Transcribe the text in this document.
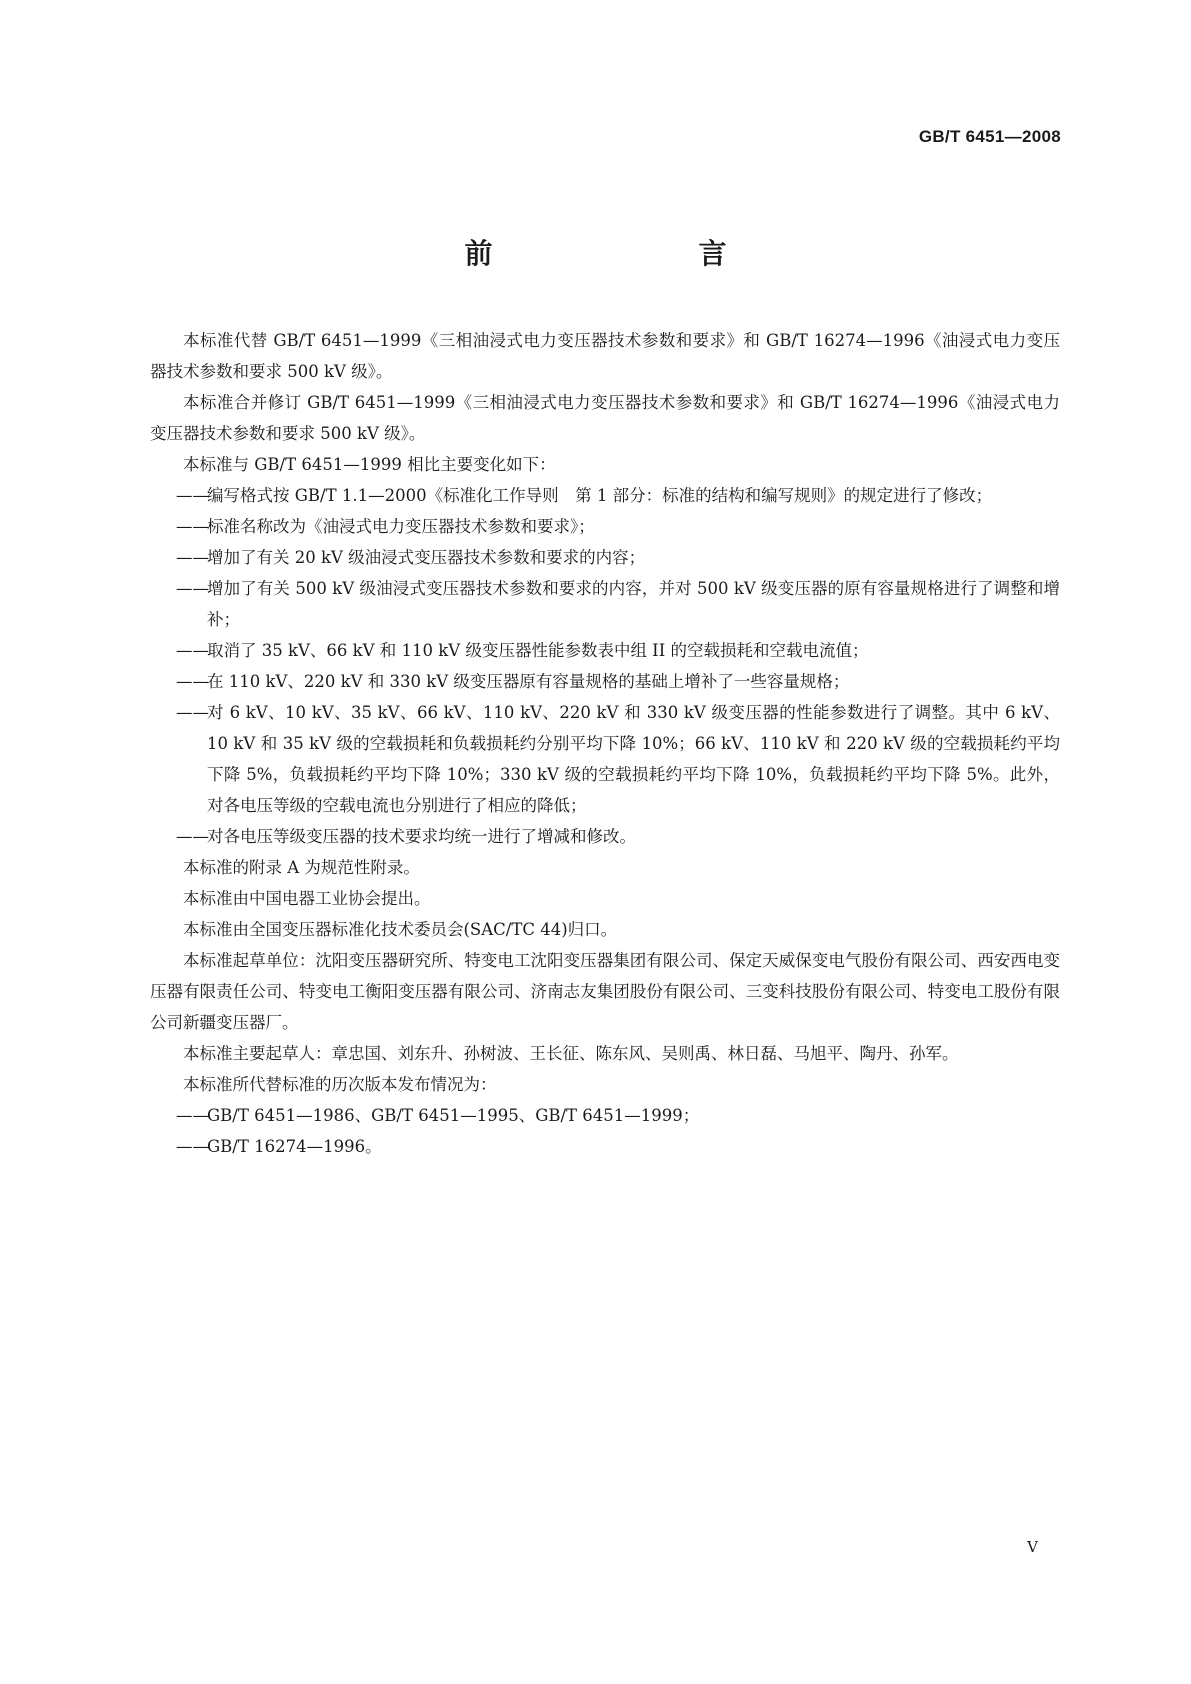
GB/T 6451—2008
前　　言

本标准代替 GB/T 6451—1999《三相油浸式电力变压器技术参数和要求》和 GB/T 16274—1996《油浸式电力变压器技术参数和要求 500 kV 级》。

本标准合并修订 GB/T 6451—1999《三相油浸式电力变压器技术参数和要求》和 GB/T 16274—1996《油浸式电力变压器技术参数和要求 500 kV 级》。

本标准与 GB/T 6451—1999 相比主要变化如下：

——
编写格式按 GB/T 1.1—2000《标准化工作导则　第 1 部分：标准的结构和编写规则》的规定进行了修改；
——
标准名称改为《油浸式电力变压器技术参数和要求》；
——
增加了有关 20 kV 级油浸式变压器技术参数和要求的内容；
——
增加了有关 500 kV 级油浸式变压器技术参数和要求的内容，并对 500 kV 级变压器的原有容量规格进行了调整和增补；
——
取消了 35 kV、66 kV 和 110 kV 级变压器性能参数表中组 II 的空载损耗和空载电流值；
——
在 110 kV、220 kV 和 330 kV 级变压器原有容量规格的基础上增补了一些容量规格；
——
对 6 kV、10 kV、35 kV、66 kV、110 kV、220 kV 和 330 kV 级变压器的性能参数进行了调整。其中 6 kV、10 kV 和 35 kV 级的空载损耗和负载损耗约分别平均下降 10%；66 kV、110 kV 和 220 kV 级的空载损耗约平均下降 5%，负载损耗约平均下降 10%；330 kV 级的空载损耗约平均下降 10%，负载损耗约平均下降 5%。此外，对各电压等级的空载电流也分别进行了相应的降低；
——
对各电压等级变压器的技术要求均统一进行了增减和修改。

本标准的附录 A 为规范性附录。

本标准由中国电器工业协会提出。

本标准由全国变压器标准化技术委员会(SAC/TC 44)归口。

本标准起草单位：沈阳变压器研究所、特变电工沈阳变压器集团有限公司、保定天威保变电气股份有限公司、西安西电变压器有限责任公司、特变电工衡阳变压器有限公司、济南志友集团股份有限公司、三变科技股份有限公司、特变电工股份有限公司新疆变压器厂。

本标准主要起草人：章忠国、刘东升、孙树波、王长征、陈东风、吴则禹、林日磊、马旭平、陶丹、孙军。

本标准所代替标准的历次版本发布情况为：

——
GB/T 6451—1986、GB/T 6451—1995、GB/T 6451—1999；
——
GB/T 16274—1996。
V
